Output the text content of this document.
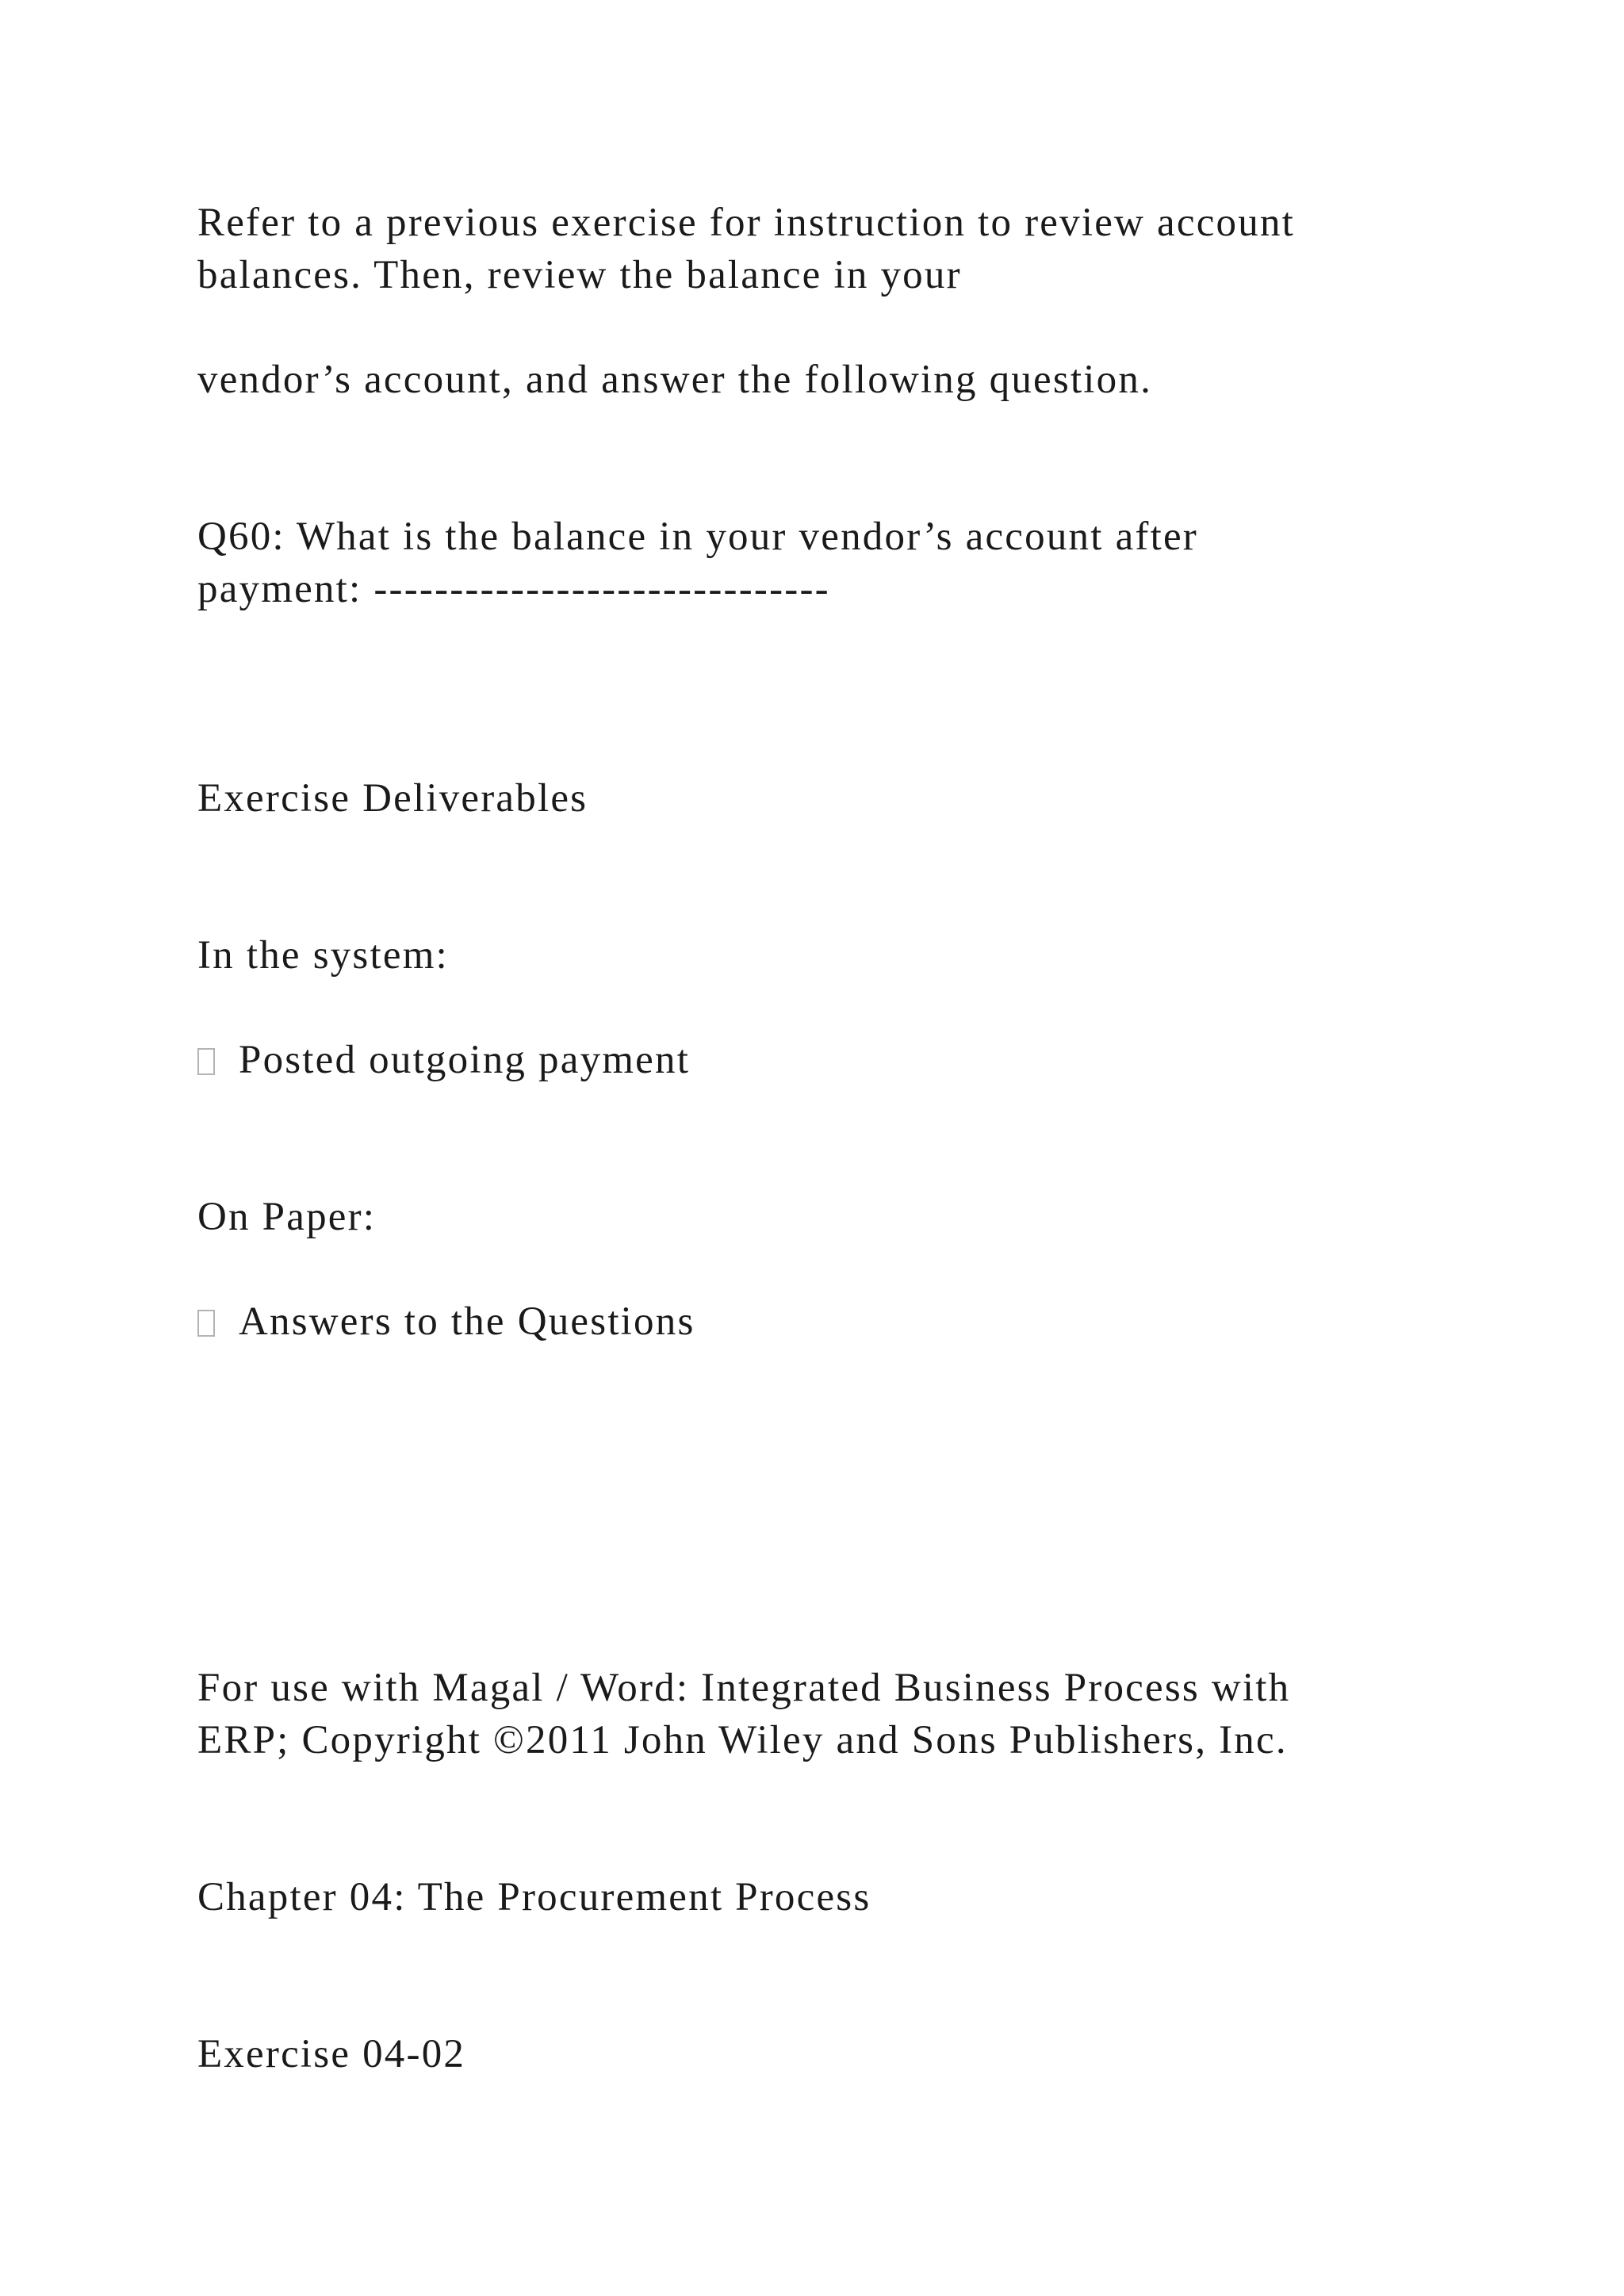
Refer to a previous exercise for instruction to review account

balances. Then, review the balance in your

vendor’s account, and answer the following question.

Q60: What is the balance in your vendor’s account after

payment: ------------------------------

Exercise Deliverables

In the system:

Posted outgoing payment

On Paper:

Answers to the Questions

For use with Magal / Word: Integrated Business Process with

ERP; Copyright ©2011 John Wiley and Sons Publishers, Inc.

Chapter 04: The Procurement Process

Exercise 04-02
